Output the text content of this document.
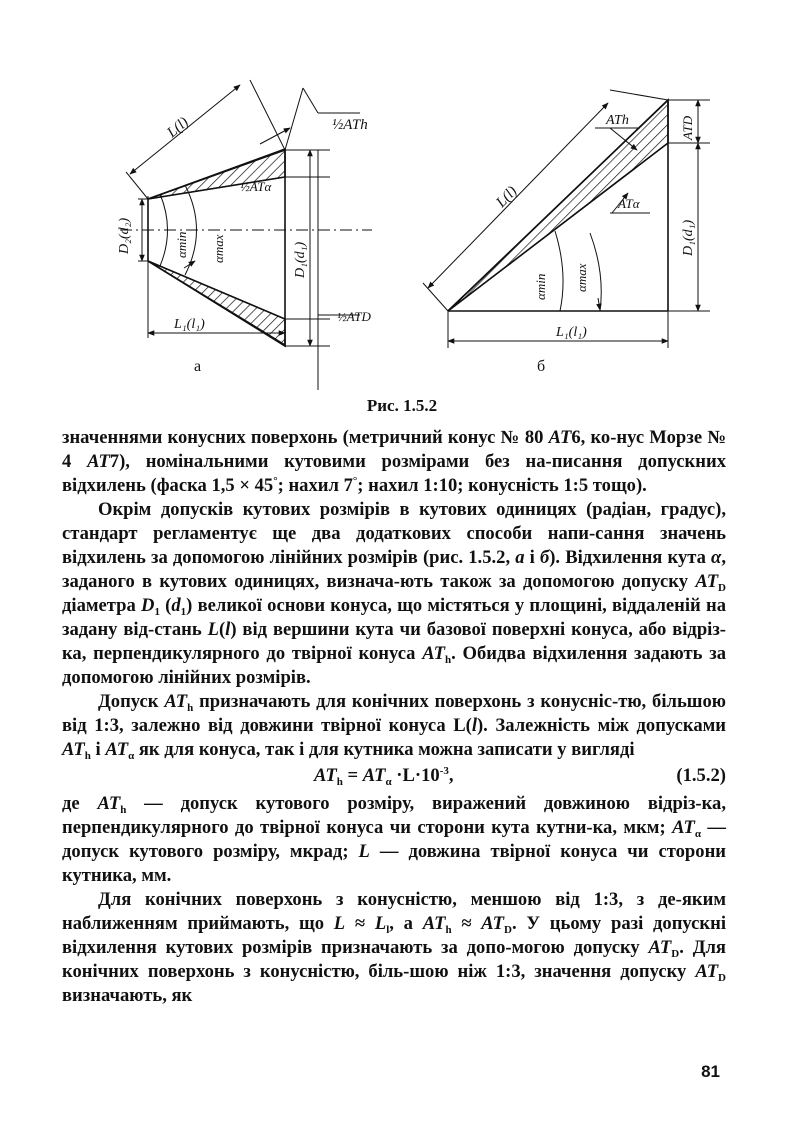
L(l)	½ATh
½ATα
D₂(d₂)	αmin αmax	D₁(d₁)
L₁(l₁)
½ATD
а
ATh	ATD
L(l)	ATα
D₁(d₁)
αmin αmax
L₁(l₁)
б
Рис. 1.5.2

значеннями конусних поверхонь (метричний конус № 80 AT6, ко-нус Морзе № 4 AT7), номінальними кутовими розмірами без на-писання допускних відхилень (фаска 1,5 × 45°; нахил 7°; нахил 1:10; конусність 1:5 тощо).

Окрім допусків кутових розмірів в кутових одиницях (радіан, градус), стандарт регламентує ще два додаткових способи напи-сання значень відхилень за допомогою лінійних розмірів (рис. 1.5.2, а і б). Відхилення кута α, заданого в кутових одиницях, визнача-ють також за допомогою допуску $AT_D$ діаметра $D_1$ $(d_1)$ великої основи конуса, що містяться у площині, віддаленій на задану від-стань L(l) від вершини кута чи базової поверхні конуса, або відріз-ка, перпендикулярного до твірної конуса $AT_h$. Обидва відхилення задають за допомогою лінійних розмірів.

Допуск $AT_h$ призначають для конічних поверхонь з конусніс-тю, більшою від 1:3, залежно від довжини твірної конуса L(l). Залежність між допусками $AT_h$ і $AT_\alpha$ як для конуса, так і для кутника можна записати у вигляді

$AT_h = AT_\alpha \cdot L\cdot 10^{-3}$,	(1.5.2)

де $AT_h$ — допуск кутового розміру, виражений довжиною відріз-ка, перпендикулярного до твірної конуса чи сторони кута кутни-ка, мкм; $AT_\alpha$ — допуск кутового розміру, мкрад; L — довжина твірної конуса чи сторони кутника, мм.

Для конічних поверхонь з конусністю, меншою від 1:3, з де-яким наближенням приймають, що $L \approx L_l$, а $AT_h \approx AT_D$. У цьому разі допускні відхилення кутових розмірів призначають за допо-могою допуску $AT_D$. Для конічних поверхонь з конусністю, біль-шою ніж 1:3, значення допуску $AT_D$ визначають, як

81
